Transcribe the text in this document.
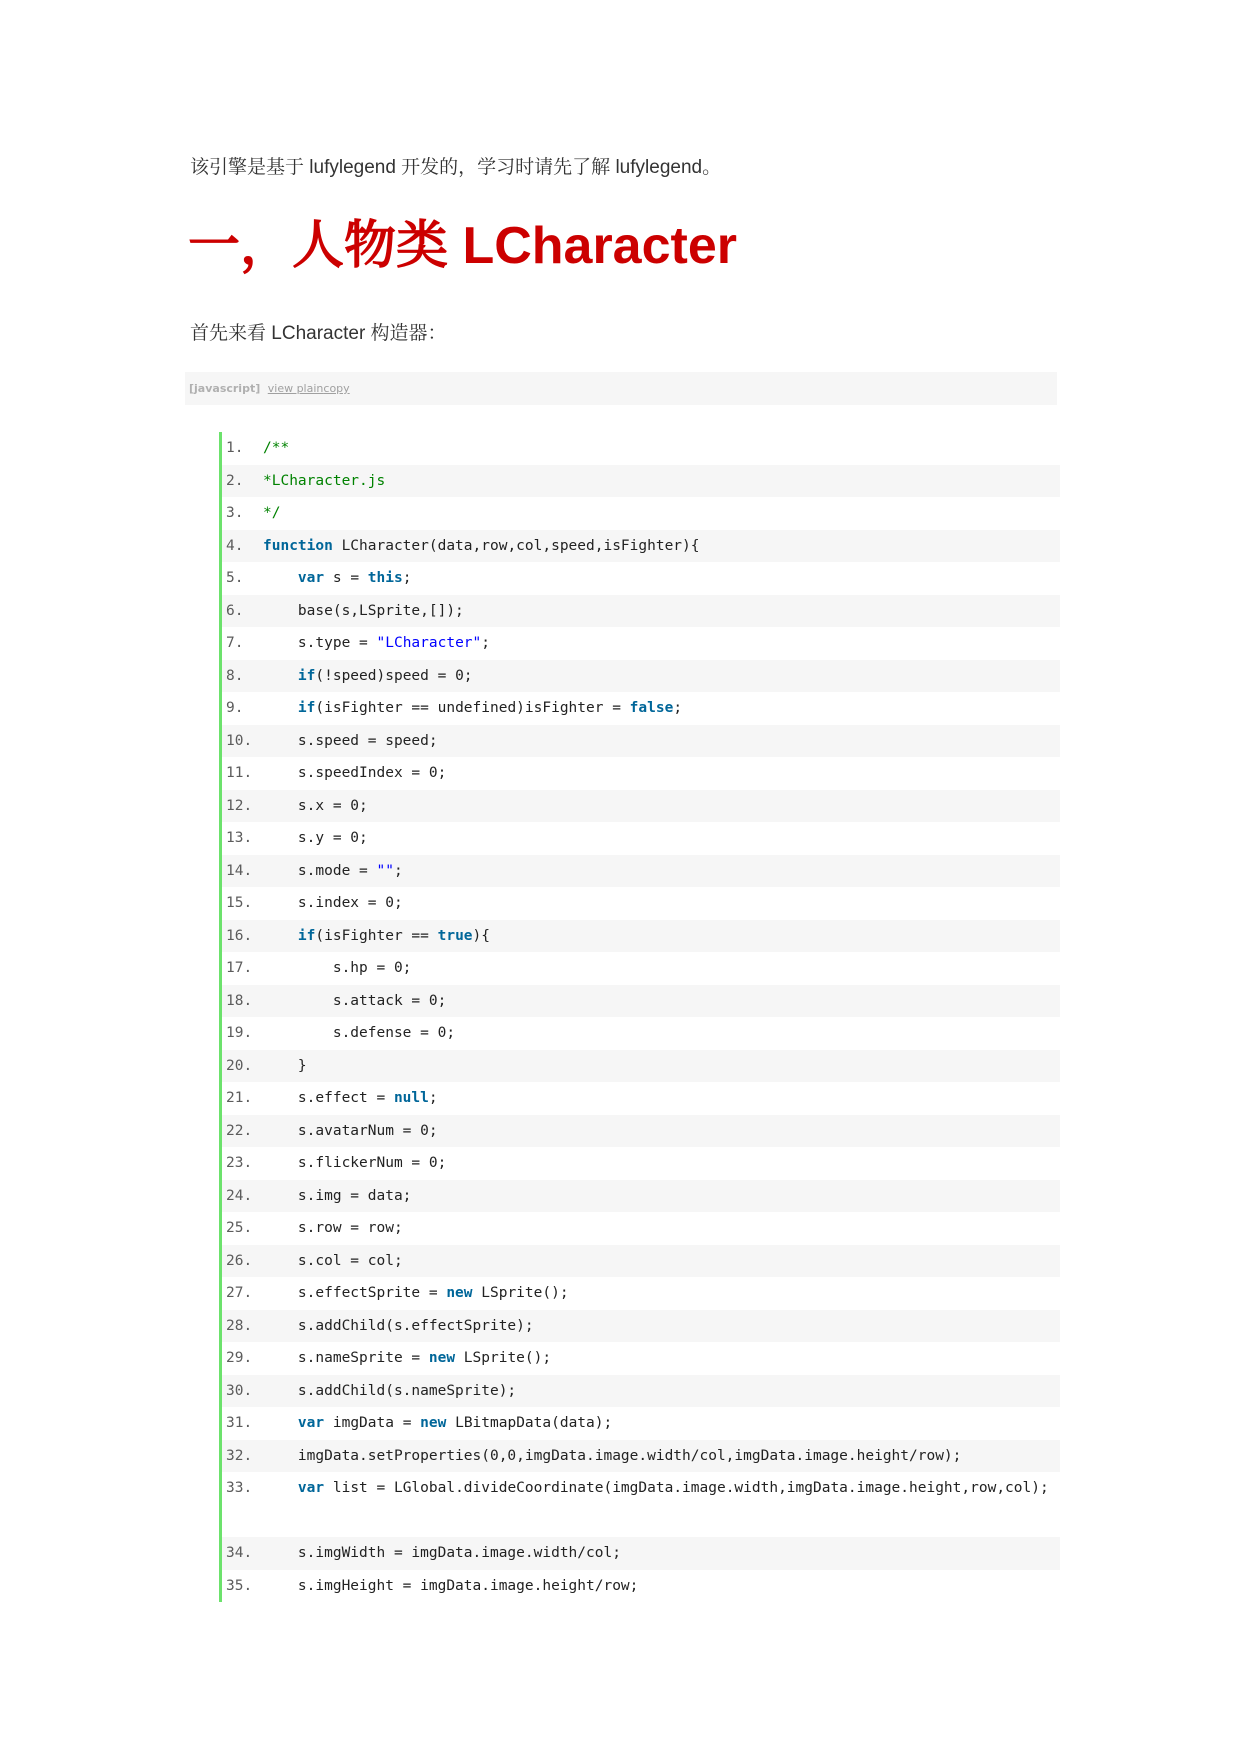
该引擎是基于 lufylegend 开发的，学习时请先了解 lufylegend。
一，人物类 LCharacter
首先来看 LCharacter 构造器：
[javascript] view plaincopy
1. /**
2. *LCharacter.js
3. */
4. function LCharacter(data,row,col,speed,isFighter){
5.	var s = this;
6.	base(s,LSprite,[]);
7.	s.type = "LCharacter";
8.	if(!speed)speed = 0;
9.	if(isFighter == undefined)isFighter = false;
10.	s.speed = speed;
11.	s.speedIndex = 0;
12.	s.x = 0;
13.	s.y = 0;
14.	s.mode = "";
15.	s.index = 0;
16.	if(isFighter == true){
17.	s.hp = 0;
18.	s.attack = 0;
19.	s.defense = 0;
20.	}
21.	s.effect = null;
22.	s.avatarNum = 0;
23.	s.flickerNum = 0;
24.	s.img = data;
25.	s.row = row;
26.	s.col = col;
27.	s.effectSprite = new LSprite();
28.	s.addChild(s.effectSprite);
29.	s.nameSprite = new LSprite();
30.	s.addChild(s.nameSprite);
31.	var imgData = new LBitmapData(data);
32.	imgData.setProperties(0,0,imgData.image.width/col,imgData.image.height/row);
33.	var list = LGlobal.divideCoordinate(imgData.image.width,imgData.image.height,row,col);
34.	s.imgWidth = imgData.image.width/col;
35.	s.imgHeight = imgData.image.height/row;
